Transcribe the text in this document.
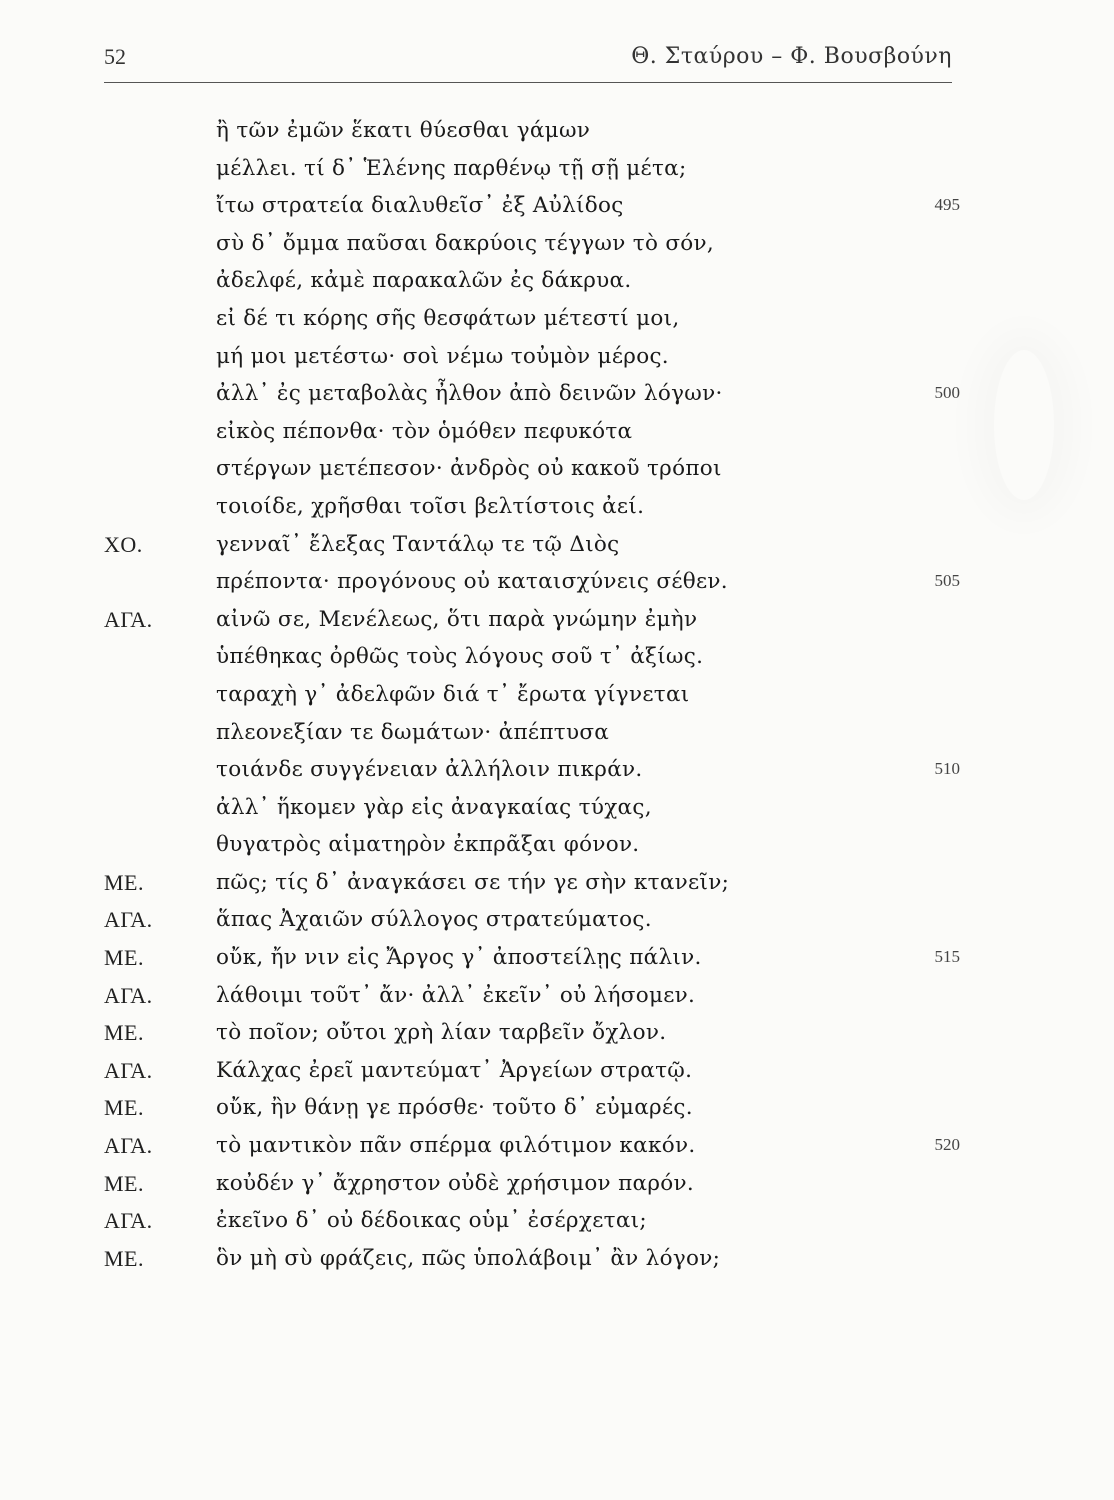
52	Θ. Σταύρου – Φ. Βουσβούνη
ἢ τῶν ἐμῶν ἕκατι θύεσθαι γάμων
μέλλει. τί δ᾽ Ἑλένης παρθένῳ τῇ σῇ μέτα;
ἴτω στρατεία διαλυθεῖσ᾽ ἐξ Αὐλίδος	495
σὺ δ᾽ ὄμμα παῦσαι δακρύοις τέγγων τὸ σόν,
ἀδελφέ, κἀμὲ παρακαλῶν ἐς δάκρυα.
εἰ δέ τι κόρης σῆς θεσφάτων μέτεστί μοι,
μή μοι μετέστω· σοὶ νέμω τοὐμὸν μέρος.
ἀλλ᾽ ἐς μεταβολὰς ἦλθον ἀπὸ δεινῶν λόγων·	500
εἰκὸς πέπονθα· τὸν ὁμόθεν πεφυκότα
στέργων μετέπεσον· ἀνδρὸς οὐ κακοῦ τρόποι
τοιοίδε, χρῆσθαι τοῖσι βελτίστοις ἀεί.
ΧΟ.	γενναῖ᾽ ἔλεξας Ταντάλῳ τε τῷ Διὸς
πρέποντα· προγόνους οὐ καταισχύνεις σέθεν.	505
ΑΓΑ.	αἰνῶ σε, Μενέλεως, ὅτι παρὰ γνώμην ἐμὴν
ὑπέθηκας ὀρθῶς τοὺς λόγους σοῦ τ᾽ ἀξίως.
ταραχὴ γ᾽ ἀδελφῶν διά τ᾽ ἔρωτα γίγνεται
πλεονεξίαν τε δωμάτων· ἀπέπτυσα
τοιάνδε συγγένειαν ἀλλήλοιν πικράν.	510
ἀλλ᾽ ἥκομεν γὰρ εἰς ἀναγκαίας τύχας,
θυγατρὸς αἱματηρὸν ἐκπρᾶξαι φόνον.
ΜΕ.	πῶς; τίς δ᾽ ἀναγκάσει σε τήν γε σὴν κτανεῖν;
ΑΓΑ.	ἅπας Ἀχαιῶν σύλλογος στρατεύματος.
ΜΕ.	οὔκ, ἤν νιν εἰς Ἄργος γ᾽ ἀποστείλῃς πάλιν.	515
ΑΓΑ.	λάθοιμι τοῦτ᾽ ἄν· ἀλλ᾽ ἐκεῖν᾽ οὐ λήσομεν.
ΜΕ.	τὸ ποῖον; οὔτοι χρὴ λίαν ταρβεῖν ὄχλον.
ΑΓΑ.	Κάλχας ἐρεῖ μαντεύματ᾽ Ἀργείων στρατῷ.
ΜΕ.	οὔκ, ἢν θάνῃ γε πρόσθε· τοῦτο δ᾽ εὐμαρές.
ΑΓΑ.	τὸ μαντικὸν πᾶν σπέρμα φιλότιμον κακόν.	520
ΜΕ.	κοὐδέν γ᾽ ἄχρηστον οὐδὲ χρήσιμον παρόν.
ΑΓΑ.	ἐκεῖνο δ᾽ οὐ δέδοικας οὑμ᾽ ἐσέρχεται;
ΜΕ.	ὃν μὴ σὺ φράζεις, πῶς ὑπολάβοιμ᾽ ἂν λόγον;
